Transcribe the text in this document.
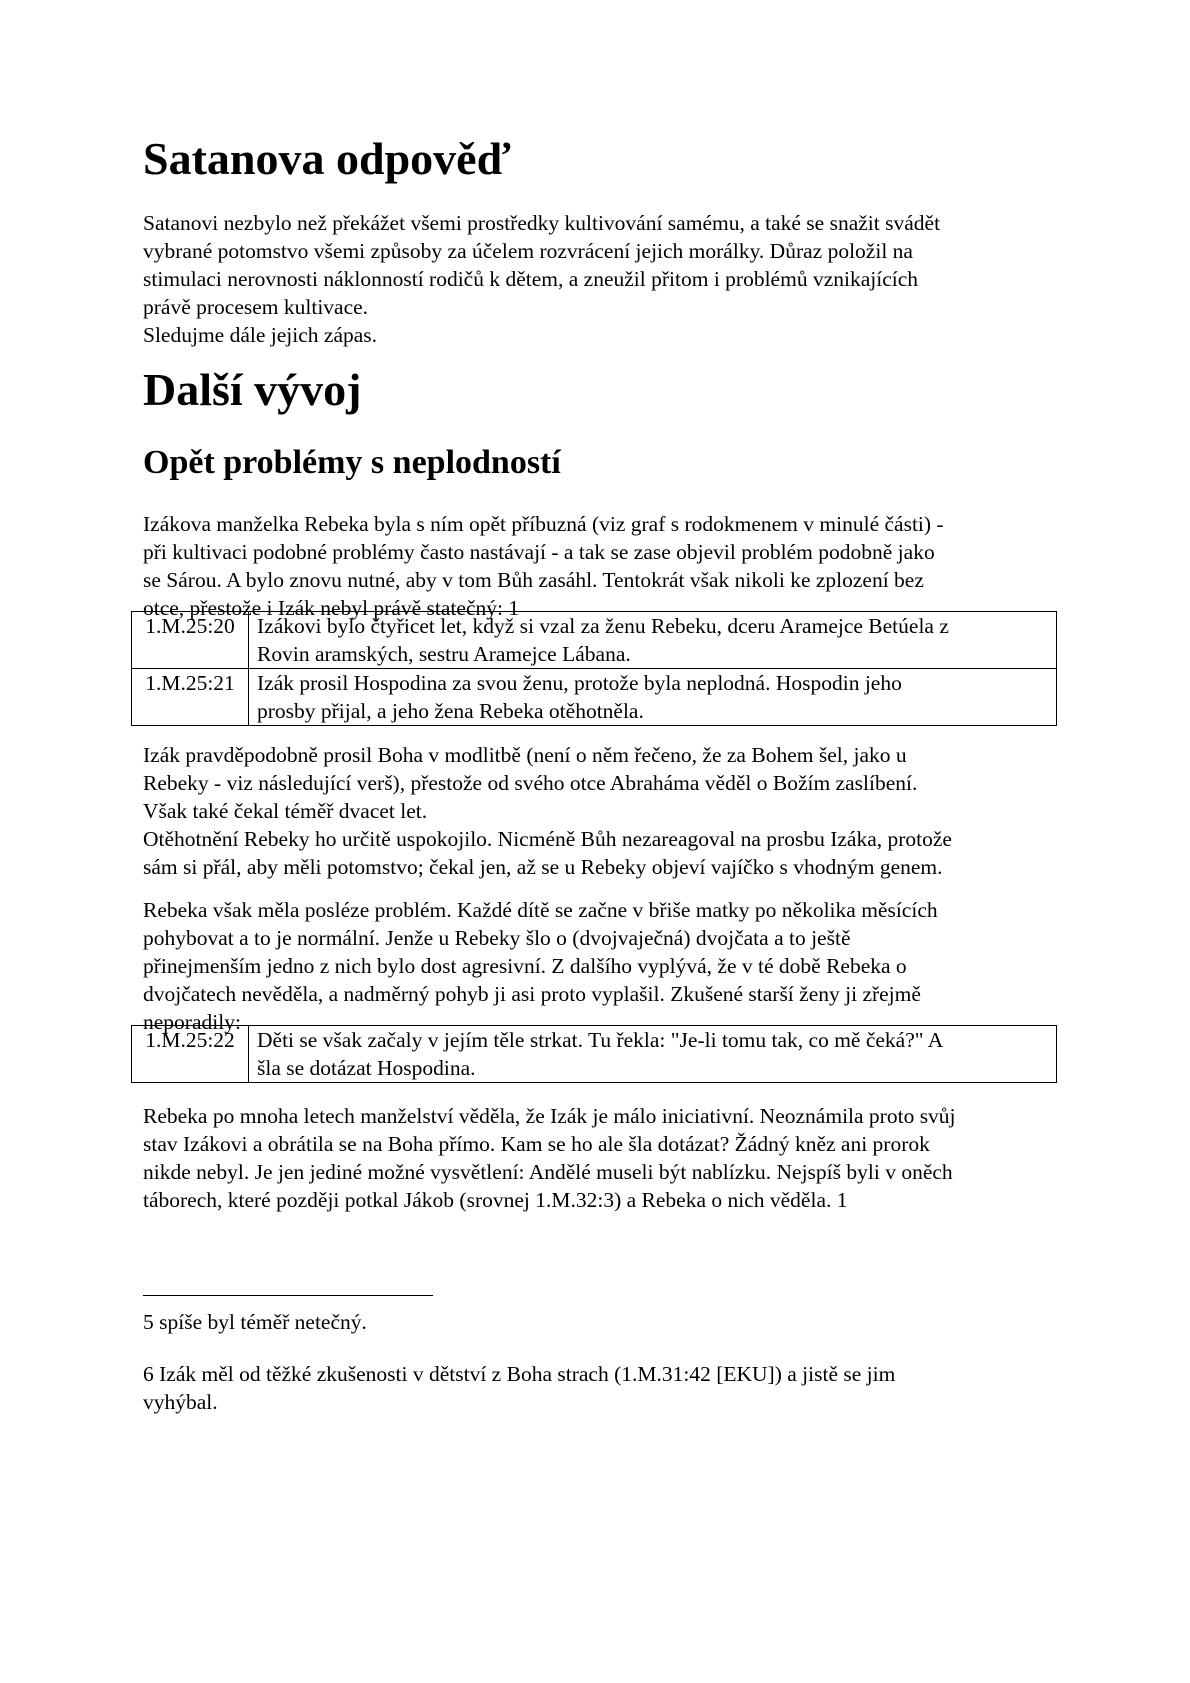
Satanova odpověď

Satanovi nezbylo než překážet všemi prostředky kultivování samému, a také se snažit svádět

vybrané potomstvo všemi způsoby za účelem rozvrácení jejich morálky. Důraz položil na

stimulaci nerovnosti náklonností rodičů k dětem, a zneužil přitom i problémů vznikajících

právě procesem kultivace.

Sledujme dále jejich zápas.

Další vývoj
Opět problémy s neplodností

Izákova manželka Rebeka byla s ním opět příbuzná (viz graf s rodokmenem v minulé části) -

při kultivaci podobné problémy často nastávají - a tak se zase objevil problém podobně jako

se Sárou. A bylo znovu nutné, aby v tom Bůh zasáhl. Tentokrát však nikoli ke zplození bez

otce, přestože i Izák nebyl právě statečný: 1

1.M.25:20	Izákovi bylo čtyřicet let, když si vzal za ženu Rebeku, dceru Aramejce Betúela z
Rovin aramských, sestru Aramejce Lábana.

1.M.25:21	Izák prosil Hospodina za svou ženu, protože byla neplodná. Hospodin jeho
prosby přijal, a jeho žena Rebeka otěhotněla.

Izák pravděpodobně prosil Boha v modlitbě (není o něm řečeno, že za Bohem šel, jako u

Rebeky - viz následující verš), přestože od svého otce Abraháma věděl o Božím zaslíbení.

Však také čekal téměř dvacet let.

Otěhotnění Rebeky ho určitě uspokojilo. Nicméně Bůh nezareagoval na prosbu Izáka, protože

sám si přál, aby měli potomstvo; čekal jen, až se u Rebeky objeví vajíčko s vhodným genem.

Rebeka však měla posléze problém. Každé dítě se začne v břiše matky po několika měsících

pohybovat a to je normální. Jenže u Rebeky šlo o (dvojvaječná) dvojčata a to ještě

přinejmenším jedno z nich bylo dost agresivní. Z dalšího vyplývá, že v té době Rebeka o

dvojčatech nevěděla, a nadměrný pohyb ji asi proto vyplašil. Zkušené starší ženy ji zřejmě

neporadily:

1.M.25:22	Děti se však začaly v jejím těle strkat. Tu řekla: "Je-li tomu tak, co mě čeká?" A
šla se dotázat Hospodina.

Rebeka po mnoha letech manželství věděla, že Izák je málo iniciativní. Neoznámila proto svůj

stav Izákovi a obrátila se na Boha přímo. Kam se ho ale šla dotázat? Žádný kněz ani prorok

nikde nebyl. Je jen jediné možné vysvětlení: Andělé museli být nablízku. Nejspíš byli v oněch

táborech, které později potkal Jákob (srovnej 1.M.32:3) a Rebeka o nich věděla. 1

5 spíše byl téměř netečný.

6 Izák měl od těžké zkušenosti v dětství z Boha strach (1.M.31:42 [EKU]) a jistě se jim

vyhýbal.
